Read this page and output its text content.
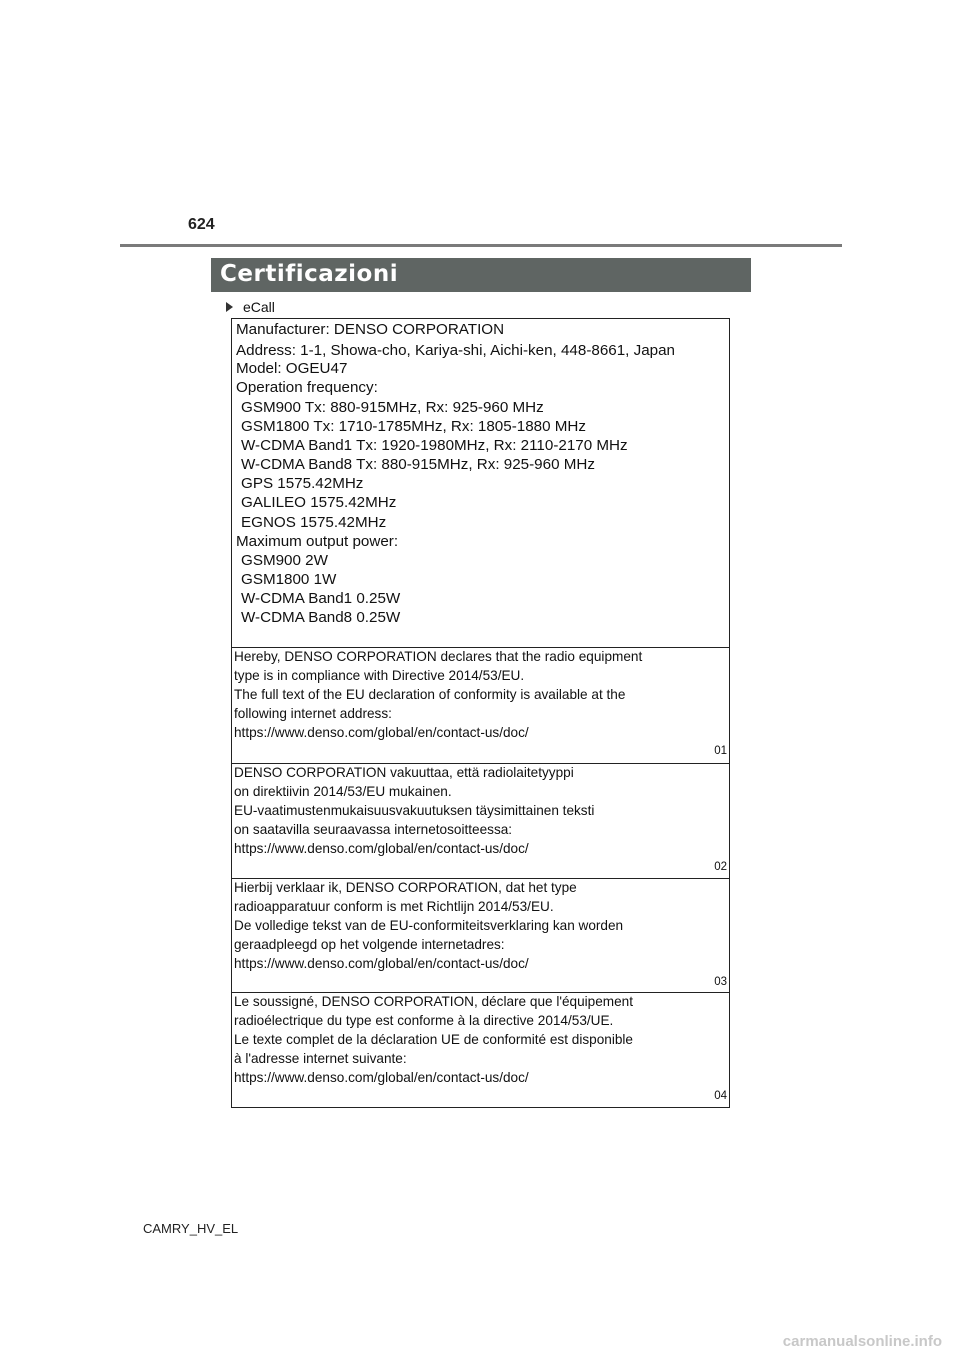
624
Certificazioni
eCall
Manufacturer: DENSO CORPORATION
Address: 1-1, Showa-cho, Kariya-shi, Aichi-ken, 448-8661, Japan
Model: OGEU47
Operation frequency:
GSM900 Tx: 880-915MHz, Rx: 925-960 MHz
GSM1800 Tx: 1710-1785MHz, Rx: 1805-1880 MHz
W-CDMA Band1 Tx: 1920-1980MHz, Rx: 2110-2170 MHz
W-CDMA Band8 Tx: 880-915MHz, Rx: 925-960 MHz
GPS 1575.42MHz
GALILEO 1575.42MHz
EGNOS 1575.42MHz
Maximum output power:
GSM900 2W
GSM1800 1W
W-CDMA Band1 0.25W
W-CDMA Band8 0.25W
Hereby, DENSO CORPORATION declares that the radio equipment
type is in compliance with Directive 2014/53/EU.
The full text of the EU declaration of conformity is available at the
following internet address:
https://www.denso.com/global/en/contact-us/doc/
01
DENSO CORPORATION vakuuttaa, että radiolaitetyyppi
on direktiivin 2014/53/EU mukainen.
EU-vaatimustenmukaisuusvakuutuksen täysimittainen teksti
on saatavilla seuraavassa internetosoitteessa:
https://www.denso.com/global/en/contact-us/doc/
02
Hierbij verklaar ik, DENSO CORPORATION, dat het type
radioapparatuur conform is met Richtlijn 2014/53/EU.
De volledige tekst van de EU-conformiteitsverklaring kan worden
geraadpleegd op het volgende internetadres:
https://www.denso.com/global/en/contact-us/doc/
03
Le soussigné, DENSO CORPORATION, déclare que l'équipement
radioélectrique du type est conforme à la directive 2014/53/UE.
Le texte complet de la déclaration UE de conformité est disponible
à l'adresse internet suivante:
https://www.denso.com/global/en/contact-us/doc/
04
CAMRY_HV_EL
carmanualsonline.info
